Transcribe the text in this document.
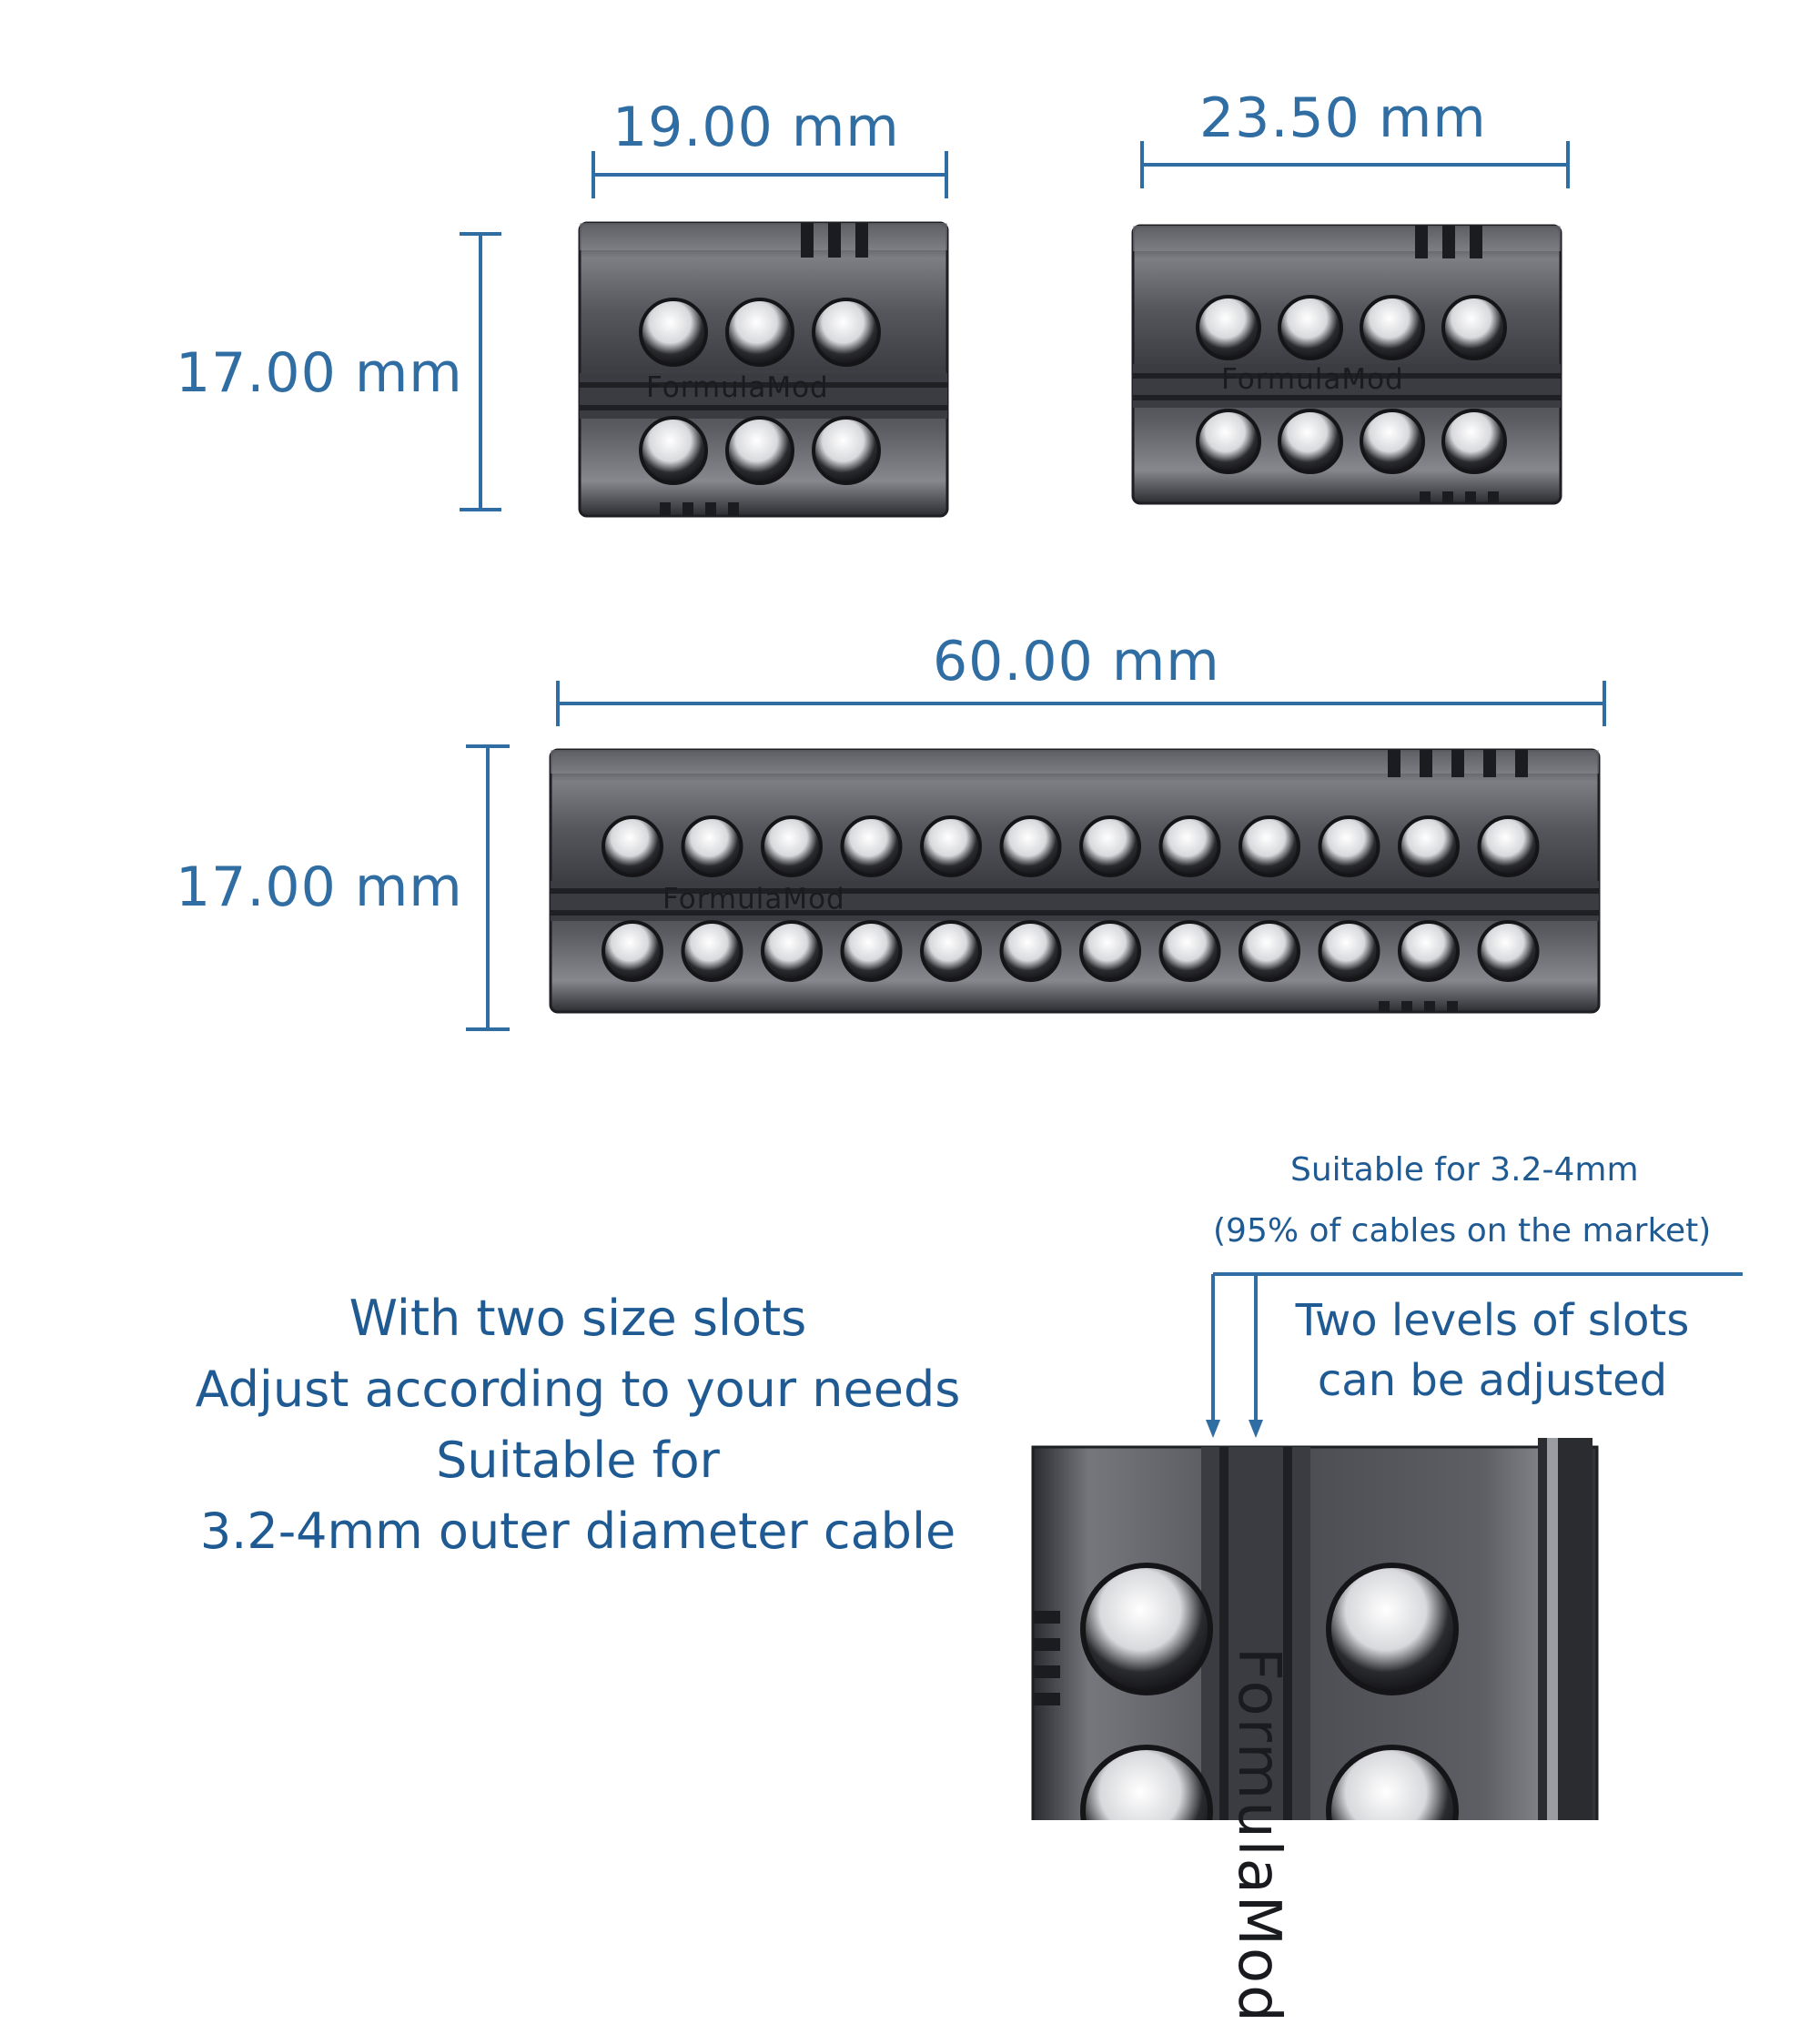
FormulaMod	FormulaMod
FormulaMod
FormulaMod
19.00 mm	23.50 mm
17.00 mm
60.00 mm
17.00 mm
With two size slots
Adjust according to your needs
Suitable for
3.2-4mm outer diameter cable
Suitable for 3.2-4mm
(95% of cables on the market)
Two levels of slots
can be adjusted
